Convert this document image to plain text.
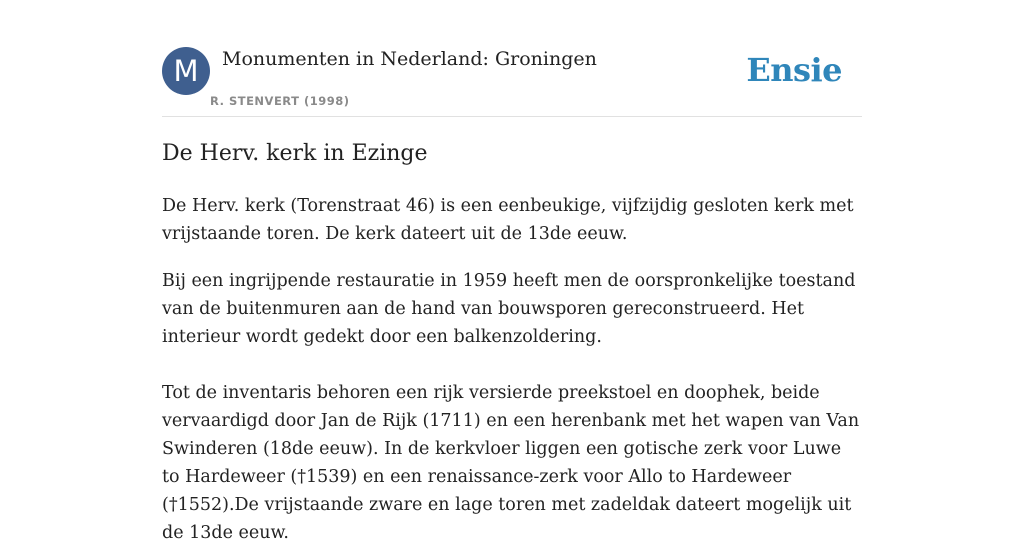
M	Monumenten in Nederland: Groningen
R. STENVERT (1998)
Ensie
De Herv. kerk in Ezinge

De Herv. kerk (Torenstraat 46) is een eenbeukige, vijfzijdig gesloten kerk met vrijstaande toren. De kerk dateert uit de 13de eeuw.

Bij een ingrijpende restauratie in 1959 heeft men de oorspronkelijke toestand van de buitenmuren aan de hand van bouwsporen gereconstrueerd. Het interieur wordt gedekt door een balkenzoldering.

Tot de inventaris behoren een rijk versierde preekstoel en doophek, beide vervaardigd door Jan de Rijk (1711) en een herenbank met het wapen van Van Swinderen (18de eeuw). In de kerkvloer liggen een gotische zerk voor Luwe to Hardeweer (†1539) en een renaissance-zerk voor Allo to Hardeweer (†1552).De vrijstaande zware en lage toren met zadeldak dateert mogelijk uit de 13de eeuw.
